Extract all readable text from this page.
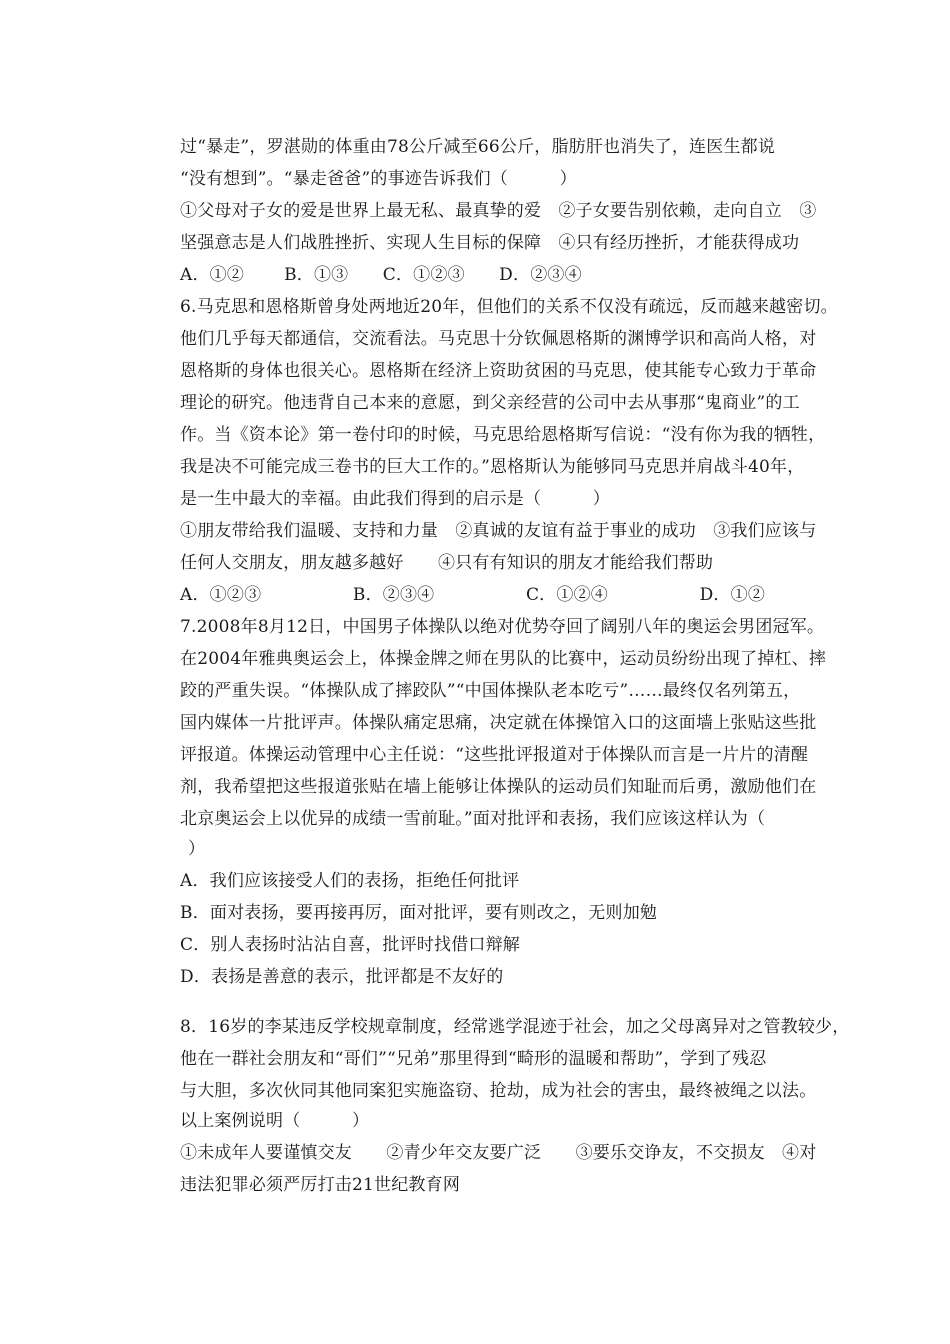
过“暴走”，罗湛勋的体重由78公斤减至66公斤，脂肪肝也消失了，连医生都说
“没有想到”。“暴走爸爸”的事迹告诉我们（　　　）
①父母对子女的爱是世界上最无私、最真挚的爱　②子女要告别依赖，走向自立　③
坚强意志是人们战胜挫折、实现人生目标的保障　④只有经历挫折，才能获得成功
A．①②　　 B．①③　　C．①②③　　D．②③④
6.马克思和恩格斯曾身处两地近20年，但他们的关系不仅没有疏远，反而越来越密切。
他们几乎每天都通信，交流看法。马克思十分钦佩恩格斯的渊博学识和高尚人格，对
恩格斯的身体也很关心。恩格斯在经济上资助贫困的马克思，使其能专心致力于革命
理论的研究。他违背自己本来的意愿，到父亲经营的公司中去从事那“鬼商业”的工
作。当《资本论》第一卷付印的时候，马克思给恩格斯写信说：“没有你为我的牺牲，
我是决不可能完成三卷书的巨大工作的。”恩格斯认为能够同马克思并肩战斗40年，
是一生中最大的幸福。由此我们得到的启示是（　　　）
①朋友带给我们温暖、支持和力量　②真诚的友谊有益于事业的成功　③我们应该与
任何人交朋友，朋友越多越好　　④只有有知识的朋友才能给我们帮助
A．①②③　　　　　 B．②③④　　　　　 C．①②④　　　　　 D．①②
7.2008年8月12日，中国男子体操队以绝对优势夺回了阔别八年的奥运会男团冠军。
在2004年雅典奥运会上，体操金牌之师在男队的比赛中，运动员纷纷出现了掉杠、摔
跤的严重失误。“体操队成了摔跤队”“中国体操队老本吃亏”……最终仅名列第五，
国内媒体一片批评声。体操队痛定思痛，决定就在体操馆入口的这面墙上张贴这些批
评报道。体操运动管理中心主任说：“这些批评报道对于体操队而言是一片片的清醒
剂，我希望把这些报道张贴在墙上能够让体操队的运动员们知耻而后勇，激励他们在
北京奥运会上以优异的成绩一雪前耻。”面对批评和表扬，我们应该这样认为（
）
A．我们应该接受人们的表扬，拒绝任何批评
B．面对表扬，要再接再厉，面对批评，要有则改之，无则加勉
C．别人表扬时沾沾自喜，批评时找借口辩解
D．表扬是善意的表示，批评都是不友好的
8．16岁的李某违反学校规章制度，经常逃学混迹于社会，加之父母离异对之管教较少，
他在一群社会朋友和“哥们”“兄弟”那里得到“畸形的温暖和帮助”，学到了残忍
与大胆，多次伙同其他同案犯实施盗窃、抢劫，成为社会的害虫，最终被绳之以法。
以上案例说明（　　　）
①未成年人要谨慎交友　　②青少年交友要广泛　　③要乐交诤友，不交损友　④对
违法犯罪必须严厉打击21世纪教育网
